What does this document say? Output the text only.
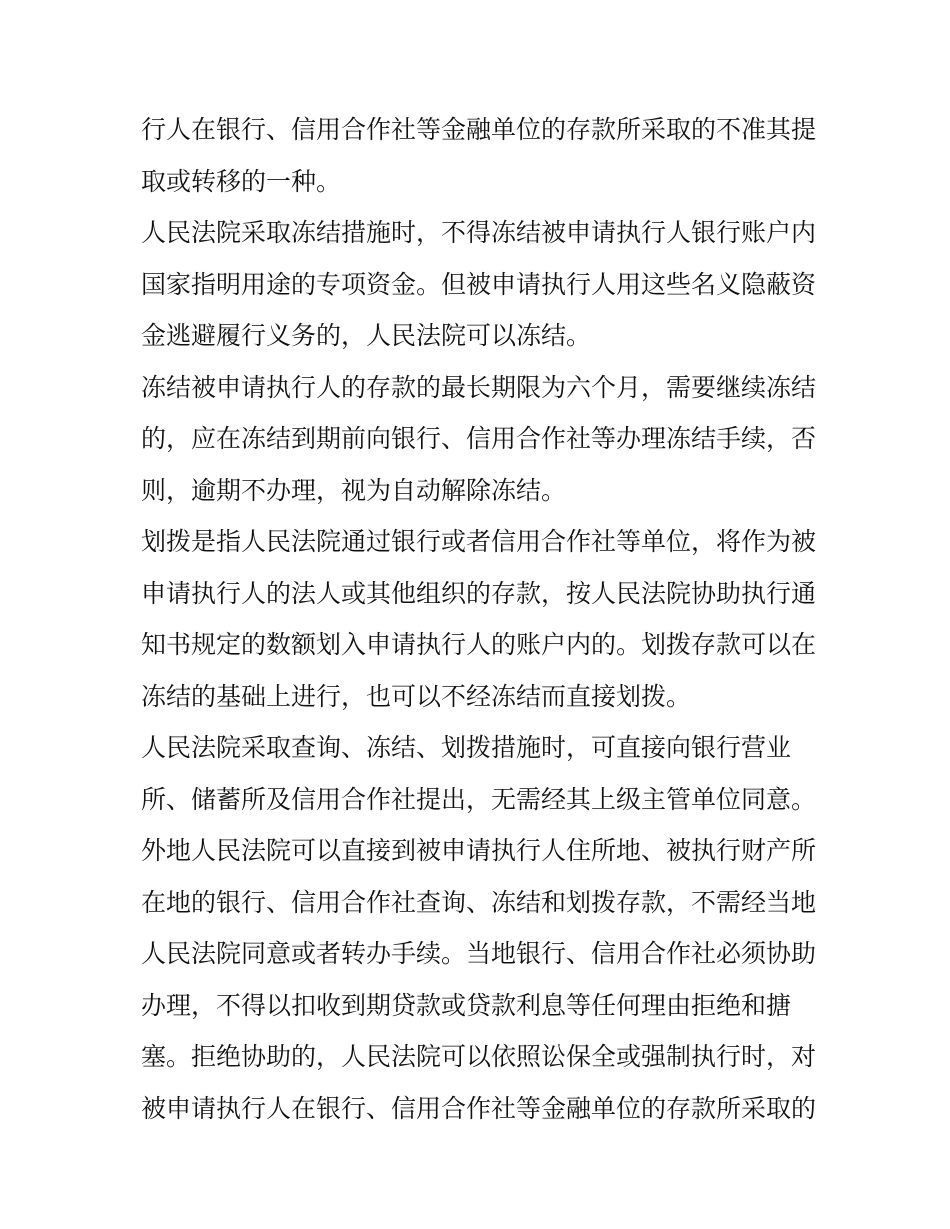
行人在银行、信用合作社等金融单位的存款所采取的不准其提
取或转移的一种。
人民法院采取冻结措施时，不得冻结被申请执行人银行账户内
国家指明用途的专项资金。但被申请执行人用这些名义隐蔽资
金逃避履行义务的，人民法院可以冻结。
冻结被申请执行人的存款的最长期限为六个月，需要继续冻结
的，应在冻结到期前向银行、信用合作社等办理冻结手续，否
则，逾期不办理，视为自动解除冻结。
划拨是指人民法院通过银行或者信用合作社等单位，将作为被
申请执行人的法人或其他组织的存款，按人民法院协助执行通
知书规定的数额划入申请执行人的账户内的。划拨存款可以在
冻结的基础上进行，也可以不经冻结而直接划拨。
人民法院采取查询、冻结、划拨措施时，可直接向银行营业
所、储蓄所及信用合作社提出，无需经其上级主管单位同意。
外地人民法院可以直接到被申请执行人住所地、被执行财产所
在地的银行、信用合作社查询、冻结和划拨存款，不需经当地
人民法院同意或者转办手续。当地银行、信用合作社必须协助
办理，不得以扣收到期贷款或贷款利息等任何理由拒绝和搪
塞。拒绝协助的，人民法院可以依照讼保全或强制执行时，对
被申请执行人在银行、信用合作社等金融单位的存款所采取的
